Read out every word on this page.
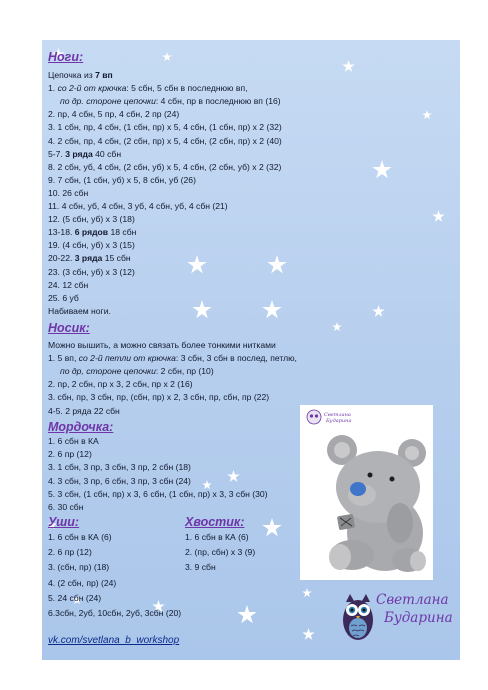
Ноги:
Цепочка из 7 вп
1. со 2-й от крючка: 5 сбн, 5 сбн в последнюю вп,
по др. стороне цепочки: 4 сбн, пр в последнюю вп (16)
2. пр, 4 сбн, 5 пр, 4 сбн, 2 пр (24)
3. 1 сбн, пр, 4 сбн, (1 сбн, пр) х 5, 4 сбн, (1 сбн, пр) х 2 (32)
4. 2 сбн, пр, 4 сбн, (2 сбн, пр) х 5, 4 сбн, (2 сбн, пр) х 2 (40)
5-7. 3 ряда 40 сбн
8. 2 сбн, уб, 4 сбн, (2 сбн, уб) х 5, 4 сбн, (2 сбн, уб) х 2 (32)
9. 7 сбн, (1 сбн, уб) х 5, 8 сбн, уб (26)
10. 26 сбн
11. 4 сбн, уб, 4 сбн, 3 уб, 4 сбн, уб, 4 сбн (21)
12. (5 сбн, уб) х 3 (18)
13-18. 6 рядов 18 сбн
19. (4 сбн, уб) х 3 (15)
20-22. 3 ряда 15 сбн
23. (3 сбн, уб) х 3 (12)
24. 12 сбн
25. 6 уб
Набиваем ноги.
Носик:
Можно вышить, а можно связать более тонкими нитками
1. 5 вп, со 2-й петли от крючка: 3 сбн, 3 сбн в послед, петлю,
по др, стороне цепочки: 2 сбн, пр (10)
2. пр, 2 сбн, пр х 3, 2 сбн, пр х 2 (16)
3. сбн, пр, 3 сбн, пр, (сбн, пр) х 2, 3 сбн, пр, сбн, пр (22)
4-5. 2 ряда 22 сбн
Мордочка:
1. 6 сбн в КА
2. 6 пр (12)
3. 1 сбн, 3 пр, 3 сбн, 3 пр, 2 сбн (18)
4. 3 сбн, 3 пр, 6 сбн, 3 пр, 3 сбн (24)
5. 3 сбн, (1 сбн, пр) х 3, 6 сбн, (1 сбн, пр) х 3, 3 сбн (30)
6. 30 сбн
Уши:
1. 6 сбн в КА (6)
2. 6 пр (12)
3. (сбн, пр) (18)
4. (2 сбн, пр) (24)
5. 24 сбн (24)
6.3сбн, 2уб, 10сбн, 2уб, 3сбн (20)
Хвостик:
1. 6 сбн в КА (6)
2. (пр, сбн) х 3 (9)
3. 9 сбн
Светлана
Бударина
Светлана
Бударина
vk.com/svetlana_b_workshop
